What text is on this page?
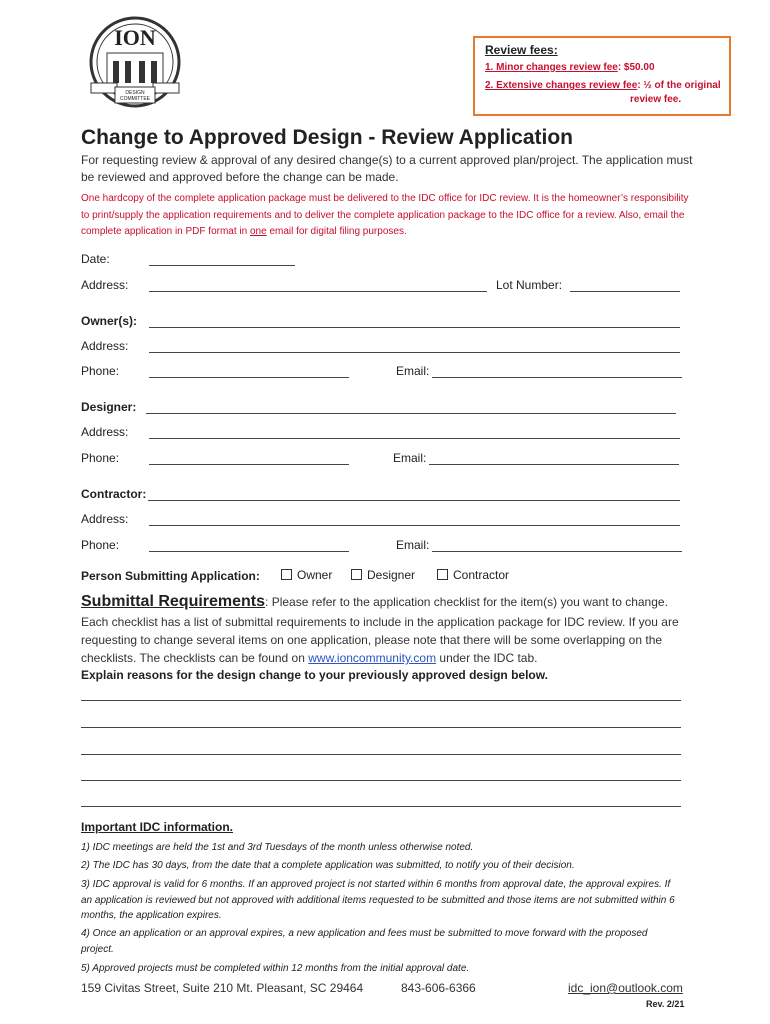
ION
DESIGN
COMMITTEE
Review fees:
1. Minor changes review fee: $50.00
2. Extensive changes review fee: ½ of the original
review fee.
Change to Approved Design - Review Application
For requesting review & approval of any desired change(s) to a current approved plan/project. The application must be reviewed and approved before the change can be made.
One hardcopy of the complete application package must be delivered to the IDC office for IDC review. It is the homeowner’s responsibility to print/supply the application requirements and to deliver the complete application package to the IDC office for a review. Also, email the complete application in PDF format in one email for digital filing purposes.
Date:
Address:	Lot Number:
Owner(s):
Address:
Phone:	Email:
Designer:
Address:
Phone:	Email:
Contractor:
Address:
Phone:	Email:
Person Submitting Application:	Owner	Designer	Contractor
Submittal Requirements: Please refer to the application checklist for the item(s) you want to change.
Each checklist has a list of submittal requirements to include in the application package for IDC review. If you are requesting to change several items on one application, please note that there will be some overlapping on the checklists. The checklists can be found on www.ioncommunity.com under the IDC tab.
Explain reasons for the design change to your previously approved design below.
Important IDC information.
1) IDC meetings are held the 1st and 3rd Tuesdays of the month unless otherwise noted.
2) The IDC has 30 days, from the date that a complete application was submitted, to notify you of their decision.
3) IDC approval is valid for 6 months. If an approved project is not started within 6 months from approval date, the approval expires. If an application is reviewed but not approved with additional items requested to be submitted and those items are not submitted within 6 months, the application expires.
4) Once an application or an approval expires, a new application and fees must be submitted to move forward with the proposed project.
5) Approved projects must be completed within 12 months from the initial approval date.
159 Civitas Street, Suite 210 Mt. Pleasant, SC 29464	843-606-6366	idc_ion@outlook.com
Rev. 2/21
